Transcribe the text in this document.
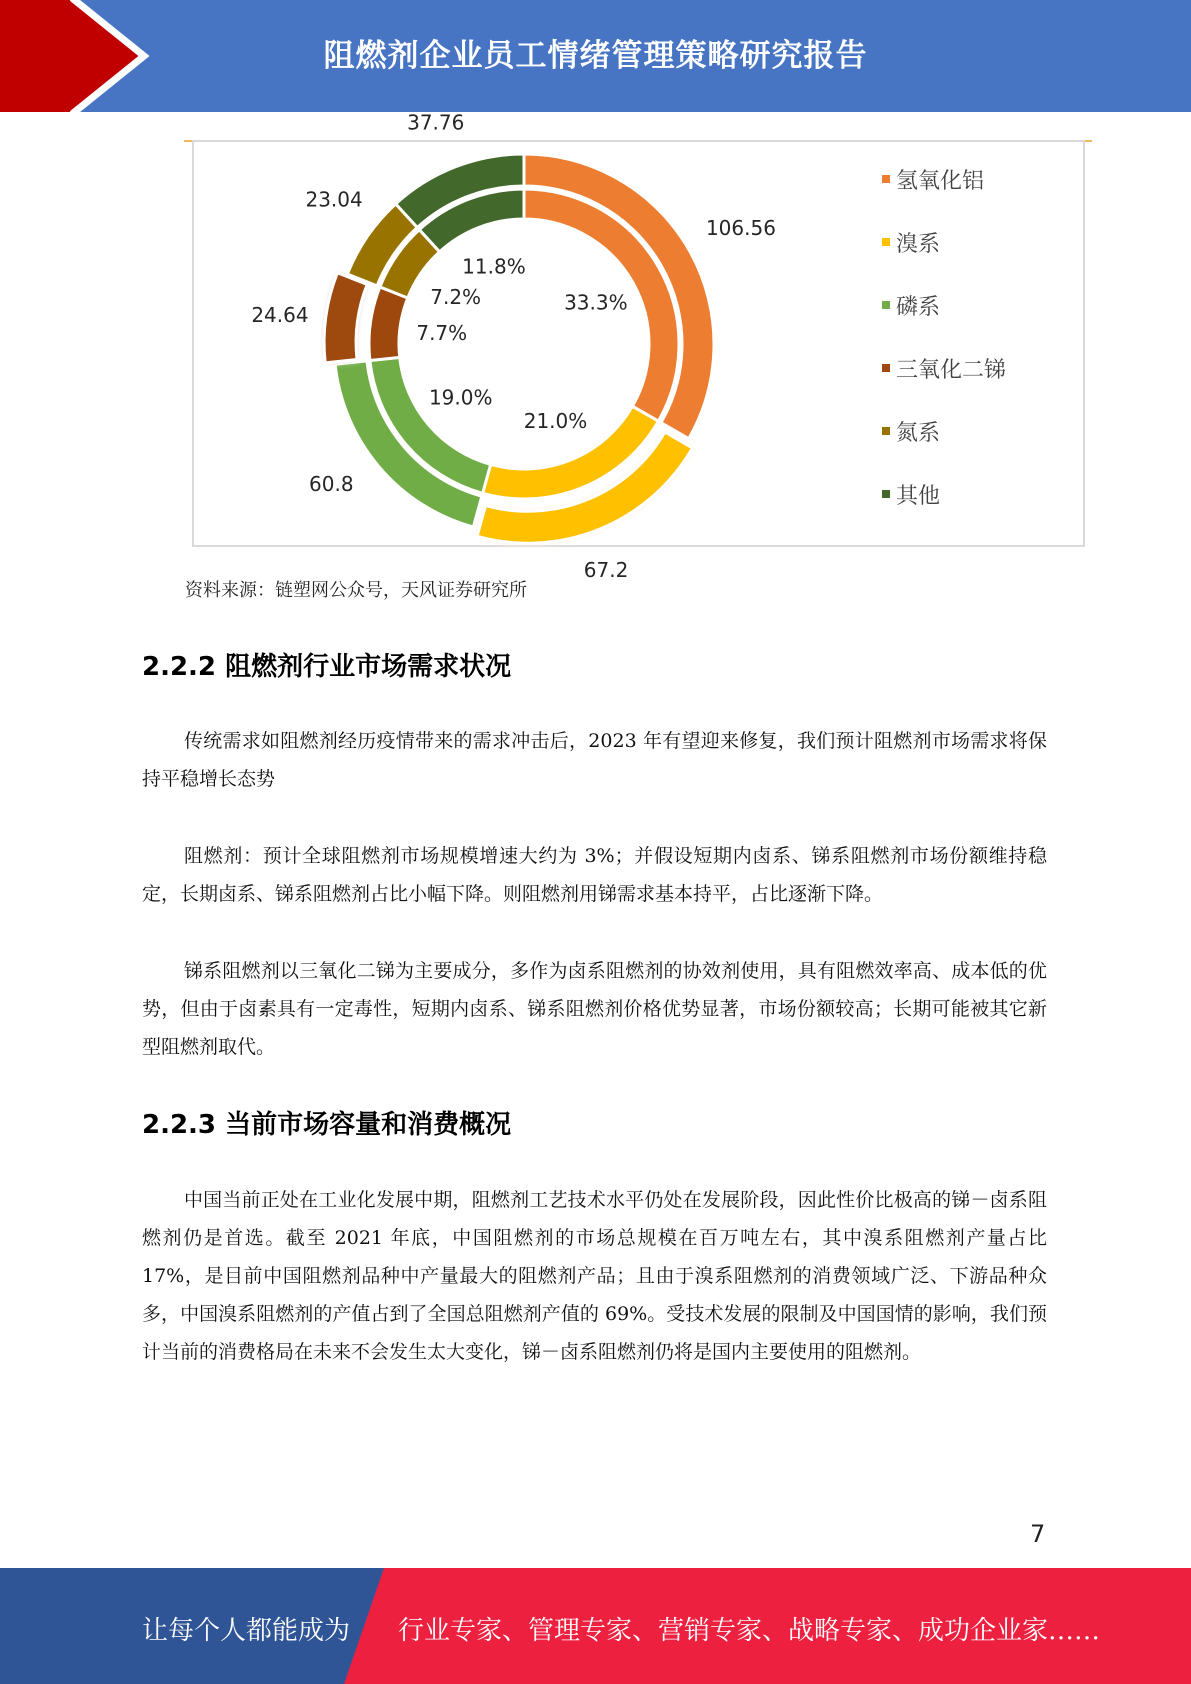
阻燃剂企业员工情绪管理策略研究报告
106.56
33.3%
67.2
21.0%
60.8
19.0%
24.64
7.7%
23.04
7.2%
37.76
11.8%
氢氧化铝
溴系
磷系
三氧化二锑
氮系
其他
资料来源：链塑网公众号，天风证券研究所
2.2.2 阻燃剂行业市场需求状况

传统需求如阻燃剂经历疫情带来的需求冲击后，2023 年有望迎来修复，我们预计阻燃剂市场需求将保持平稳增长态势

阻燃剂：预计全球阻燃剂市场规模增速大约为 3%；并假设短期内卤系、锑系阻燃剂市场份额维持稳定，长期卤系、锑系阻燃剂占比小幅下降。则阻燃剂用锑需求基本持平，占比逐渐下降。

锑系阻燃剂以三氧化二锑为主要成分，多作为卤系阻燃剂的协效剂使用，具有阻燃效率高、成本低的优势，但由于卤素具有一定毒性，短期内卤系、锑系阻燃剂价格优势显著，市场份额较高；长期可能被其它新型阻燃剂取代。

2.2.3 当前市场容量和消费概况

中国当前正处在工业化发展中期，阻燃剂工艺技术水平仍处在发展阶段，因此性价比极高的锑－卤系阻燃剂仍是首选。截至 2021 年底，中国阻燃剂的市场总规模在百万吨左右，其中溴系阻燃剂产量占比 17%，是目前中国阻燃剂品种中产量最大的阻燃剂产品；且由于溴系阻燃剂的消费领域广泛、下游品种众多，中国溴系阻燃剂的产值占到了全国总阻燃剂产值的 69%。受技术发展的限制及中国国情的影响，我们预计当前的消费格局在未来不会发生太大变化，锑－卤系阻燃剂仍将是国内主要使用的阻燃剂。

7
让每个人都能成为 行业专家、管理专家、营销专家、战略专家、成功企业家……
